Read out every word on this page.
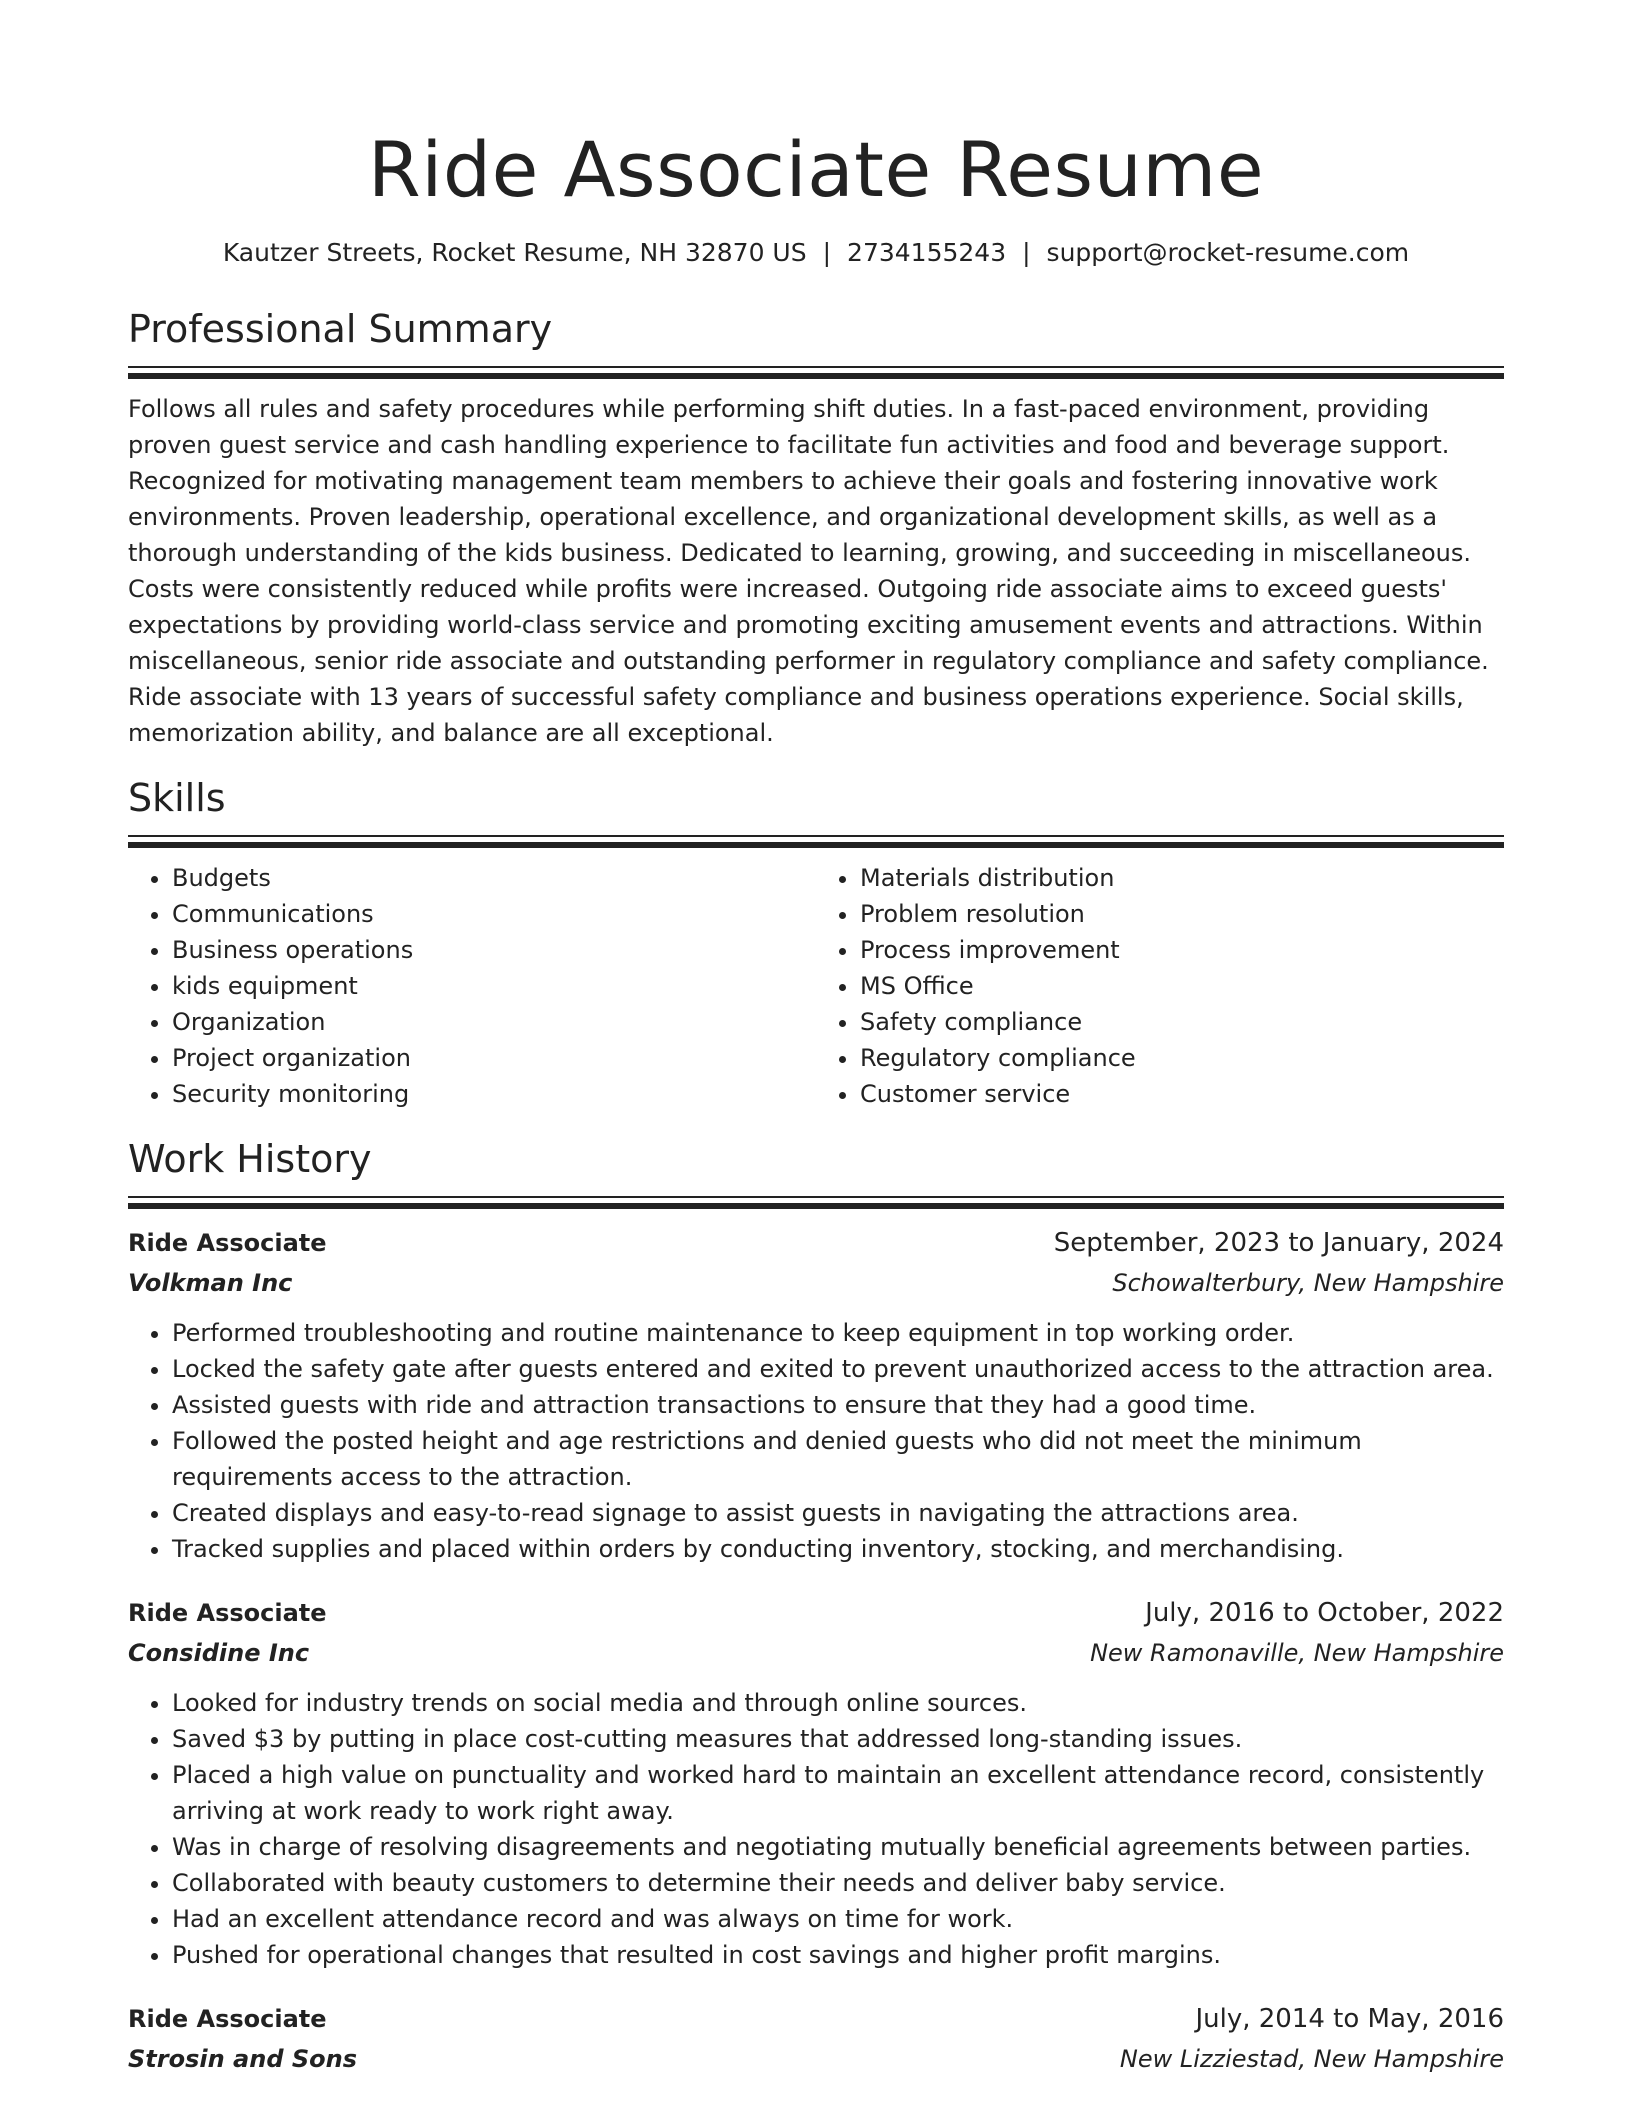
Ride Associate Resume
Kautzer Streets, Rocket Resume, NH 32870 US | 2734155243 | support@rocket-resume.com
Professional Summary

Follows all rules and safety procedures while performing shift duties. In a fast-paced environment, providing proven guest service and cash handling experience to facilitate fun activities and food and beverage support. Recognized for motivating management team members to achieve their goals and fostering innovative work environments. Proven leadership, operational excellence, and organizational development skills, as well as a thorough understanding of the kids business. Dedicated to learning, growing, and succeeding in miscellaneous. Costs were consistently reduced while profits were increased. Outgoing ride associate aims to exceed guests' expectations by providing world-class service and promoting exciting amusement events and attractions. Within miscellaneous, senior ride associate and outstanding performer in regulatory compliance and safety compliance. Ride associate with 13 years of successful safety compliance and business operations experience. Social skills, memorization ability, and balance are all exceptional.

Skills
• Budgets
• Communications
• Business operations
• kids equipment
• Organization
• Project organization
• Security monitoring
• Materials distribution
• Problem resolution
• Process improvement
• MS Office
• Safety compliance
• Regulatory compliance
• Customer service
Work History
Ride Associate	September, 2023 to January, 2024
Volkman Inc	Schowalterbury, New Hampshire
• Performed troubleshooting and routine maintenance to keep equipment in top working order.
• Locked the safety gate after guests entered and exited to prevent unauthorized access to the attraction area.
• Assisted guests with ride and attraction transactions to ensure that they had a good time.
• Followed the posted height and age restrictions and denied guests who did not meet the minimum requirements access to the attraction.
• Created displays and easy-to-read signage to assist guests in navigating the attractions area.
• Tracked supplies and placed within orders by conducting inventory, stocking, and merchandising.
Ride Associate	July, 2016 to October, 2022
Considine Inc	New Ramonaville, New Hampshire
• Looked for industry trends on social media and through online sources.
• Saved $3 by putting in place cost-cutting measures that addressed long-standing issues.
• Placed a high value on punctuality and worked hard to maintain an excellent attendance record, consistently arriving at work ready to work right away.
• Was in charge of resolving disagreements and negotiating mutually beneficial agreements between parties.
• Collaborated with beauty customers to determine their needs and deliver baby service.
• Had an excellent attendance record and was always on time for work.
• Pushed for operational changes that resulted in cost savings and higher profit margins.
Ride Associate	July, 2014 to May, 2016
Strosin and Sons	New Lizziestad, New Hampshire
